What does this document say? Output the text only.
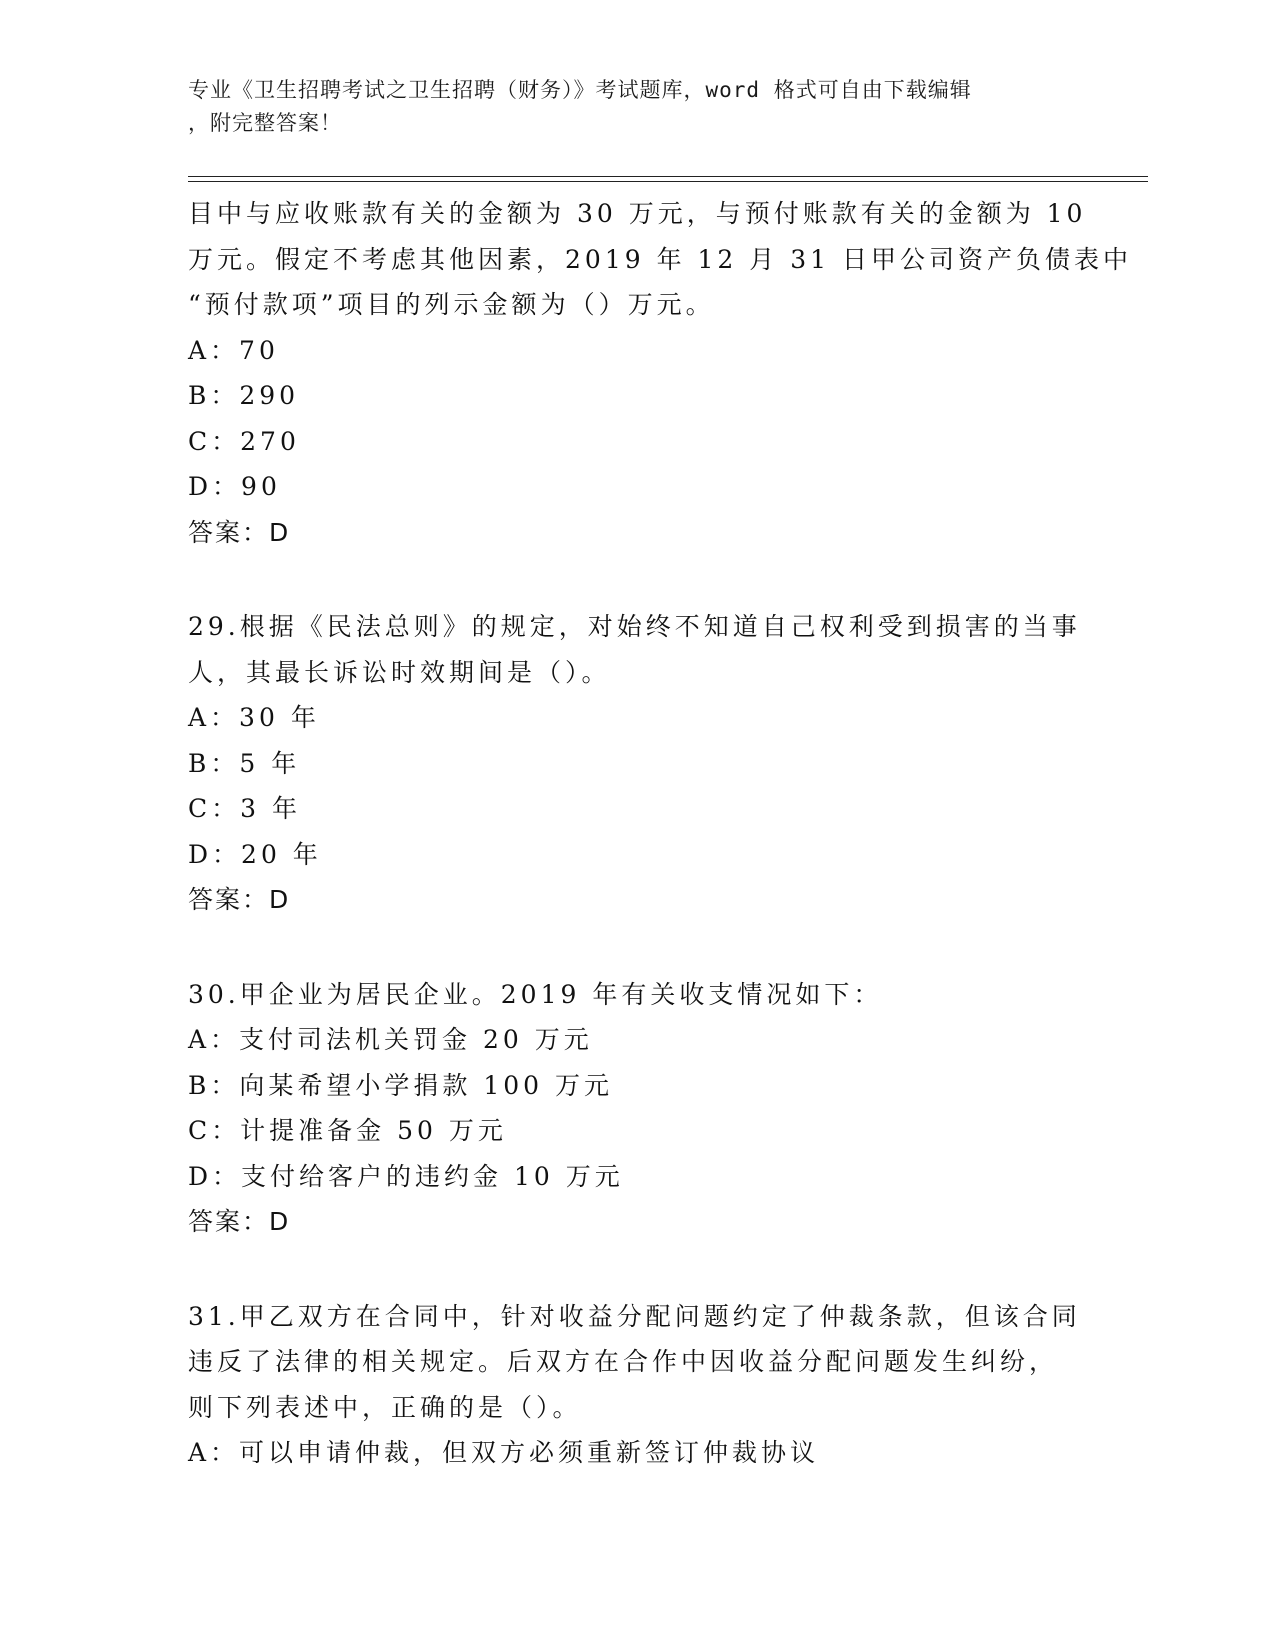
专业《卫生招聘考试之卫生招聘（财务）》考试题库，word 格式可自由下载编辑
，附完整答案！
目中与应收账款有关的金额为 30 万元，与预付账款有关的金额为 10
万元。假定不考虑其他因素，2019 年 12 月 31 日甲公司资产负债表中
“预付款项”项目的列示金额为（）万元。
A：70
B：290
C：270
D：90
答案：D
29.根据《民法总则》的规定，对始终不知道自己权利受到损害的当事
人，其最长诉讼时效期间是（）。
A：30 年
B：5 年
C：3 年
D：20 年
答案：D
30.甲企业为居民企业。2019 年有关收支情况如下：
A：支付司法机关罚金 20 万元
B：向某希望小学捐款 100 万元
C：计提准备金 50 万元
D：支付给客户的违约金 10 万元
答案：D
31.甲乙双方在合同中，针对收益分配问题约定了仲裁条款，但该合同
违反了法律的相关规定。后双方在合作中因收益分配问题发生纠纷，
则下列表述中，正确的是（）。
A：可以申请仲裁，但双方必须重新签订仲裁协议
